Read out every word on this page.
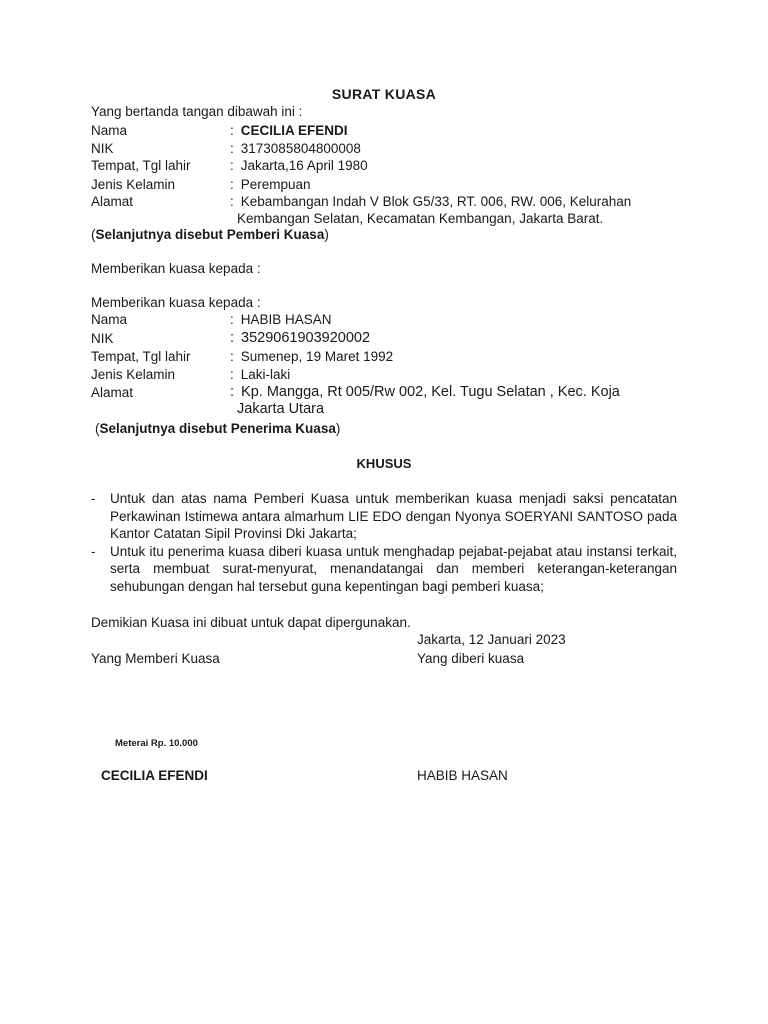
SURAT KUASA
Yang bertanda tangan dibawah ini :
Nama	: CECILIA EFENDI
NIK	: 3173085804800008
Tempat, Tgl lahir	: Jakarta,16 April 1980
Jenis Kelamin	: Perempuan
Alamat	: Kebambangan Indah V Blok G5/33, RT. 006, RW. 006, Kelurahan
Kembangan Selatan, Kecamatan Kembangan, Jakarta Barat.
(Selanjutnya disebut Pemberi Kuasa)
Memberikan kuasa kepada :
Memberikan kuasa kepada :
Nama	: HABIB HASAN
NIK	: 3529061903920002
Tempat, Tgl lahir	: Sumenep, 19 Maret 1992
Jenis Kelamin	: Laki-laki
Alamat	: Kp. Mangga, Rt 005/Rw 002, Kel. Tugu Selatan , Kec. Koja
Jakarta Utara
(Selanjutnya disebut Penerima Kuasa)
KHUSUS
- Untuk dan atas nama Pemberi Kuasa untuk memberikan kuasa menjadi saksi pencatatan Perkawinan Istimewa antara almarhum LIE EDO dengan Nyonya SOERYANI SANTOSO pada Kantor Catatan Sipil Provinsi Dki Jakarta;
- Untuk itu penerima kuasa diberi kuasa untuk menghadap pejabat-pejabat atau instansi terkait, serta membuat surat-menyurat, menandatangai dan memberi keterangan-keterangan sehubungan dengan hal tersebut guna kepentingan bagi pemberi kuasa;
Demikian Kuasa ini dibuat untuk dapat dipergunakan.
Jakarta, 12 Januari 2023
Yang Memberi Kuasa	Yang diberi kuasa
Meterai Rp. 10.000
CECILIA EFENDI	HABIB HASAN
